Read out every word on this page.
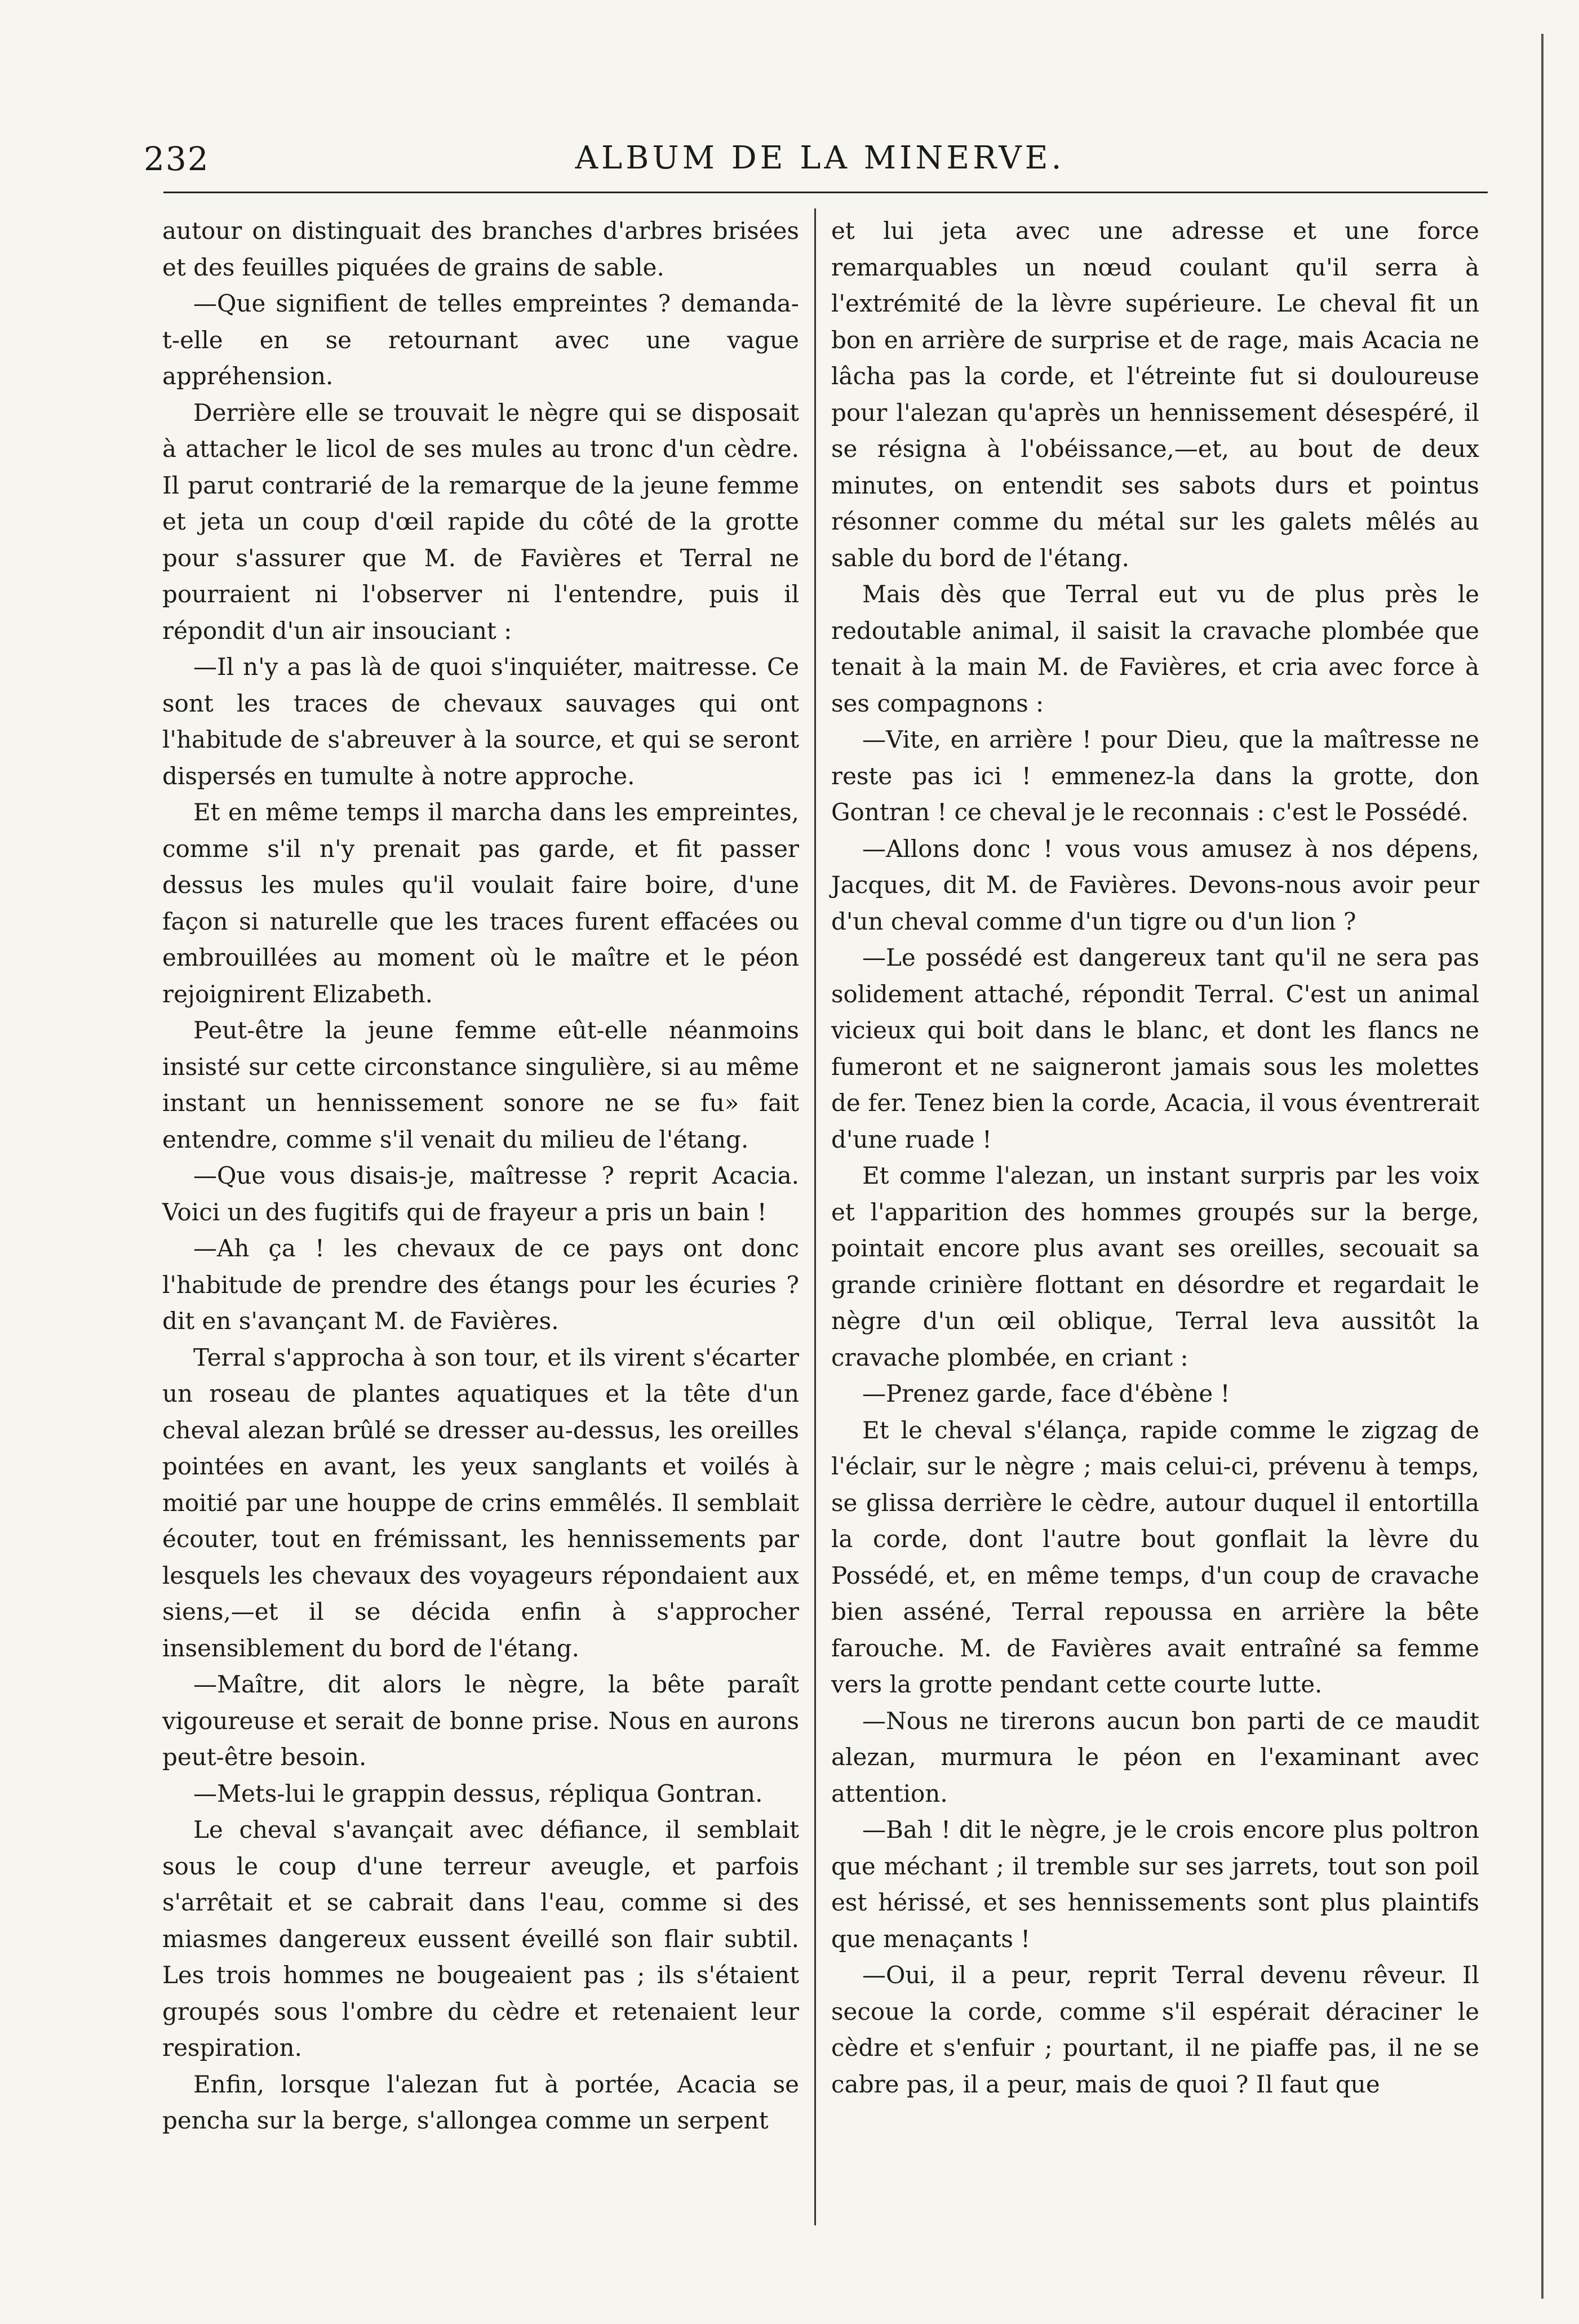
232	ALBUM DE LA MINERVE.

autour on distinguait des branches d'arbres brisées et des feuilles piquées de grains de sable.

—Que signifient de telles empreintes ? demanda-t-elle en se retournant avec une vague appréhension.

Derrière elle se trouvait le nègre qui se disposait à attacher le licol de ses mules au tronc d'un cèdre. Il parut contrarié de la remarque de la jeune femme et jeta un coup d'œil rapide du côté de la grotte pour s'assurer que M. de Favières et Terral ne pourraient ni l'observer ni l'entendre, puis il répondit d'un air insouciant :

—Il n'y a pas là de quoi s'inquiéter, maitresse. Ce sont les traces de chevaux sauvages qui ont l'habitude de s'abreuver à la source, et qui se seront dispersés en tumulte à notre approche.

Et en même temps il marcha dans les empreintes, comme s'il n'y prenait pas garde, et fit passer dessus les mules qu'il voulait faire boire, d'une façon si naturelle que les traces furent effacées ou embrouillées au moment où le maître et le péon rejoignirent Elizabeth.

Peut-être la jeune femme eût-elle néanmoins insisté sur cette circonstance singulière, si au même instant un hennissement sonore ne se fu» fait entendre, comme s'il venait du milieu de l'étang.

—Que vous disais-je, maîtresse ? reprit Acacia. Voici un des fugitifs qui de frayeur a pris un bain !

—Ah ça ! les chevaux de ce pays ont donc l'habitude de prendre des étangs pour les écuries ? dit en s'avançant M. de Favières.

Terral s'approcha à son tour, et ils virent s'écarter un roseau de plantes aquatiques et la tête d'un cheval alezan brûlé se dresser au-dessus, les oreilles pointées en avant, les yeux sanglants et voilés à moitié par une houppe de crins emmêlés. Il semblait écouter, tout en frémissant, les hennissements par lesquels les chevaux des voyageurs répondaient aux siens,—et il se décida enfin à s'approcher insensiblement du bord de l'étang.

—Maître, dit alors le nègre, la bête paraît vigoureuse et serait de bonne prise. Nous en aurons peut-être besoin.

—Mets-lui le grappin dessus, répliqua Gontran.

Le cheval s'avançait avec défiance, il semblait sous le coup d'une terreur aveugle, et parfois s'arrêtait et se cabrait dans l'eau, comme si des miasmes dangereux eussent éveillé son flair subtil. Les trois hommes ne bougeaient pas ; ils s'étaient groupés sous l'ombre du cèdre et retenaient leur respiration.

Enfin, lorsque l'alezan fut à portée, Acacia se pencha sur la berge, s'allongea comme un serpent

et lui jeta avec une adresse et une force remarquables un nœud coulant qu'il serra à l'extrémité de la lèvre supérieure. Le cheval fit un bon en arrière de surprise et de rage, mais Acacia ne lâcha pas la corde, et l'étreinte fut si douloureuse pour l'alezan qu'après un hennissement désespéré, il se résigna à l'obéissance,—et, au bout de deux minutes, on entendit ses sabots durs et pointus résonner comme du métal sur les galets mêlés au sable du bord de l'étang.

Mais dès que Terral eut vu de plus près le redoutable animal, il saisit la cravache plombée que tenait à la main M. de Favières, et cria avec force à ses compagnons :

—Vite, en arrière ! pour Dieu, que la maîtresse ne reste pas ici ! emmenez-la dans la grotte, don Gontran ! ce cheval je le reconnais : c'est le Possédé.

—Allons donc ! vous vous amusez à nos dépens, Jacques, dit M. de Favières. Devons-nous avoir peur d'un cheval comme d'un tigre ou d'un lion ?

—Le possédé est dangereux tant qu'il ne sera pas solidement attaché, répondit Terral. C'est un animal vicieux qui boit dans le blanc, et dont les flancs ne fumeront et ne saigneront jamais sous les molettes de fer. Tenez bien la corde, Acacia, il vous éventrerait d'une ruade !

Et comme l'alezan, un instant surpris par les voix et l'apparition des hommes groupés sur la berge, pointait encore plus avant ses oreilles, secouait sa grande crinière flottant en désordre et regardait le nègre d'un œil oblique, Terral leva aussitôt la cravache plombée, en criant :

—Prenez garde, face d'ébène !

Et le cheval s'élança, rapide comme le zigzag de l'éclair, sur le nègre ; mais celui-ci, prévenu à temps, se glissa derrière le cèdre, autour duquel il entortilla la corde, dont l'autre bout gonflait la lèvre du Possédé, et, en même temps, d'un coup de cravache bien asséné, Terral repoussa en arrière la bête farouche. M. de Favières avait entraîné sa femme vers la grotte pendant cette courte lutte.

—Nous ne tirerons aucun bon parti de ce maudit alezan, murmura le péon en l'examinant avec attention.

—Bah ! dit le nègre, je le crois encore plus poltron que méchant ; il tremble sur ses jarrets, tout son poil est hérissé, et ses hennissements sont plus plaintifs que menaçants !

—Oui, il a peur, reprit Terral devenu rêveur. Il secoue la corde, comme s'il espérait déraciner le cèdre et s'enfuir ; pourtant, il ne piaffe pas, il ne se cabre pas, il a peur, mais de quoi ? Il faut que
